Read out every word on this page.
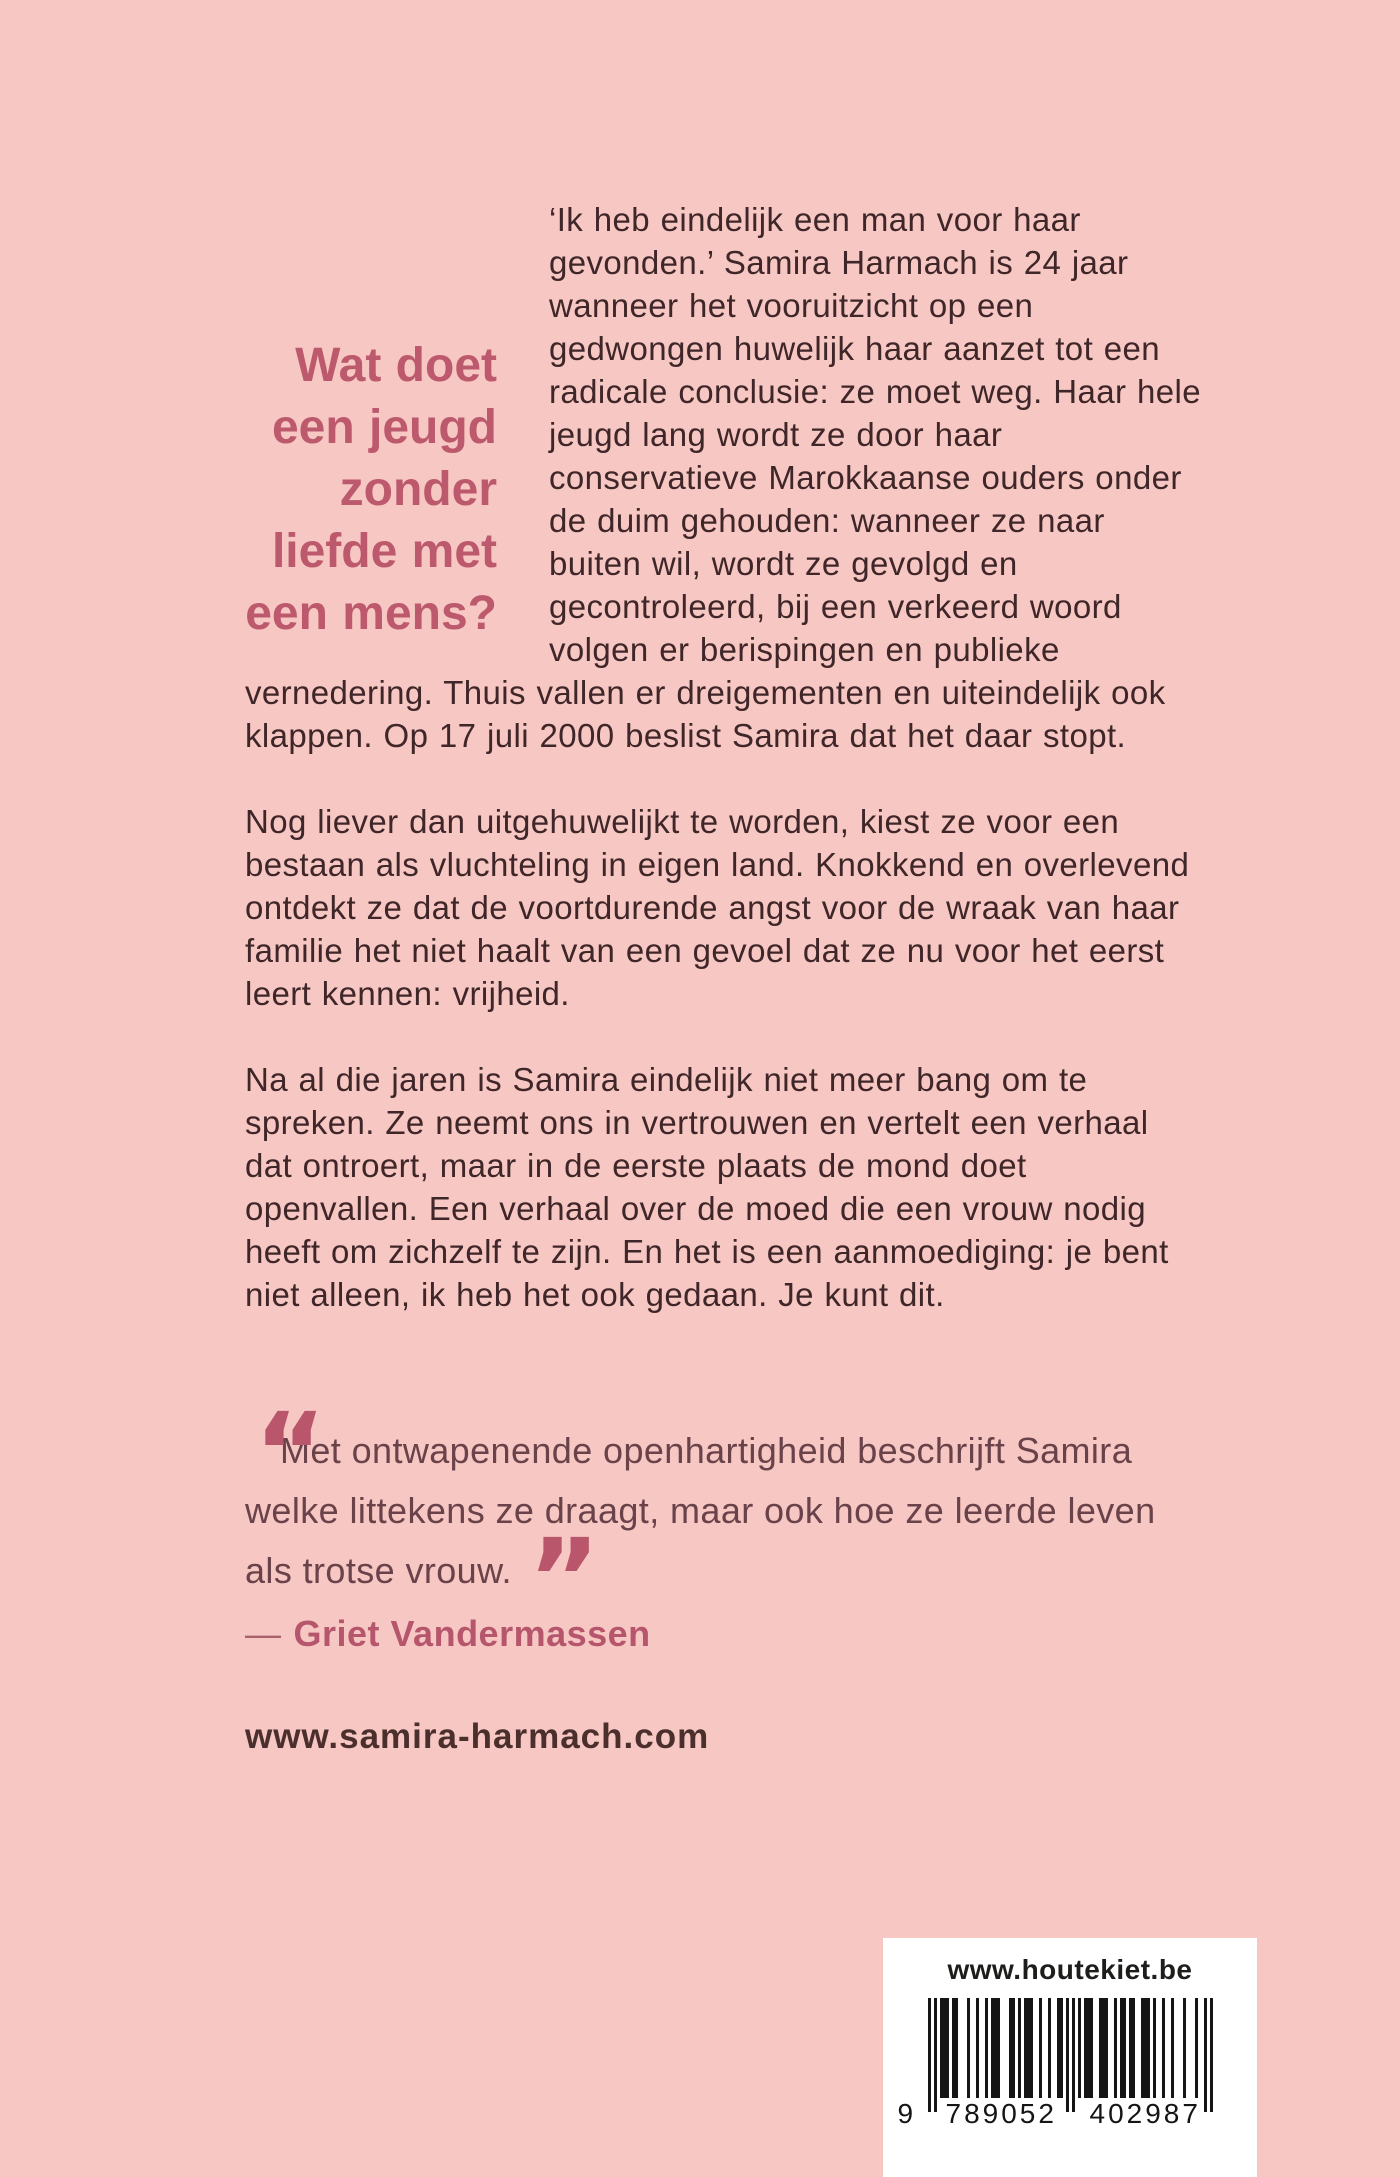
Wat doet
een jeugd
zonder
liefde met
een mens?
‘Ik heb eindelijk een man voor haar gevonden.’ Samira Harmach is 24 jaar wanneer het vooruitzicht op een gedwongen huwelijk haar aanzet tot een radicale conclusie: ze moet weg. Haar hele jeugd lang wordt ze door haar conservatieve Marokkaanse ouders onder de duim gehouden: wanneer ze naar buiten wil, wordt ze gevolgd en gecontroleerd, bij een verkeerd woord volgen er berispingen en publieke vernedering. Thuis vallen er dreigementen en uiteindelijk ook klappen. Op 17 juli 2000 beslist Samira dat het daar stopt.
Nog liever dan uitgehuwelijkt te worden, kiest ze voor een bestaan als vluchteling in eigen land. Knokkend en overlevend ontdekt ze dat de voortdurende angst voor de wraak van haar familie het niet haalt van een gevoel dat ze nu voor het eerst leert kennen: vrijheid.
Na al die jaren is Samira eindelijk niet meer bang om te spreken. Ze neemt ons in vertrouwen en vertelt een verhaal dat ontroert, maar in de eerste plaats de mond doet openvallen. Een verhaal over de moed die een vrouw nodig heeft om zichzelf te zijn. En het is een aanmoediging: je bent niet alleen, ik heb het ook gedaan. Je kunt dit.
“
Met ontwapenende openhartigheid beschrijft Samira welke littekens ze draagt, maar ook hoe ze leerde leven als trotse vrouw. ”
— Griet Vandermassen
www.samira-harmach.com
www.houtekiet.be
9 789052 402987
